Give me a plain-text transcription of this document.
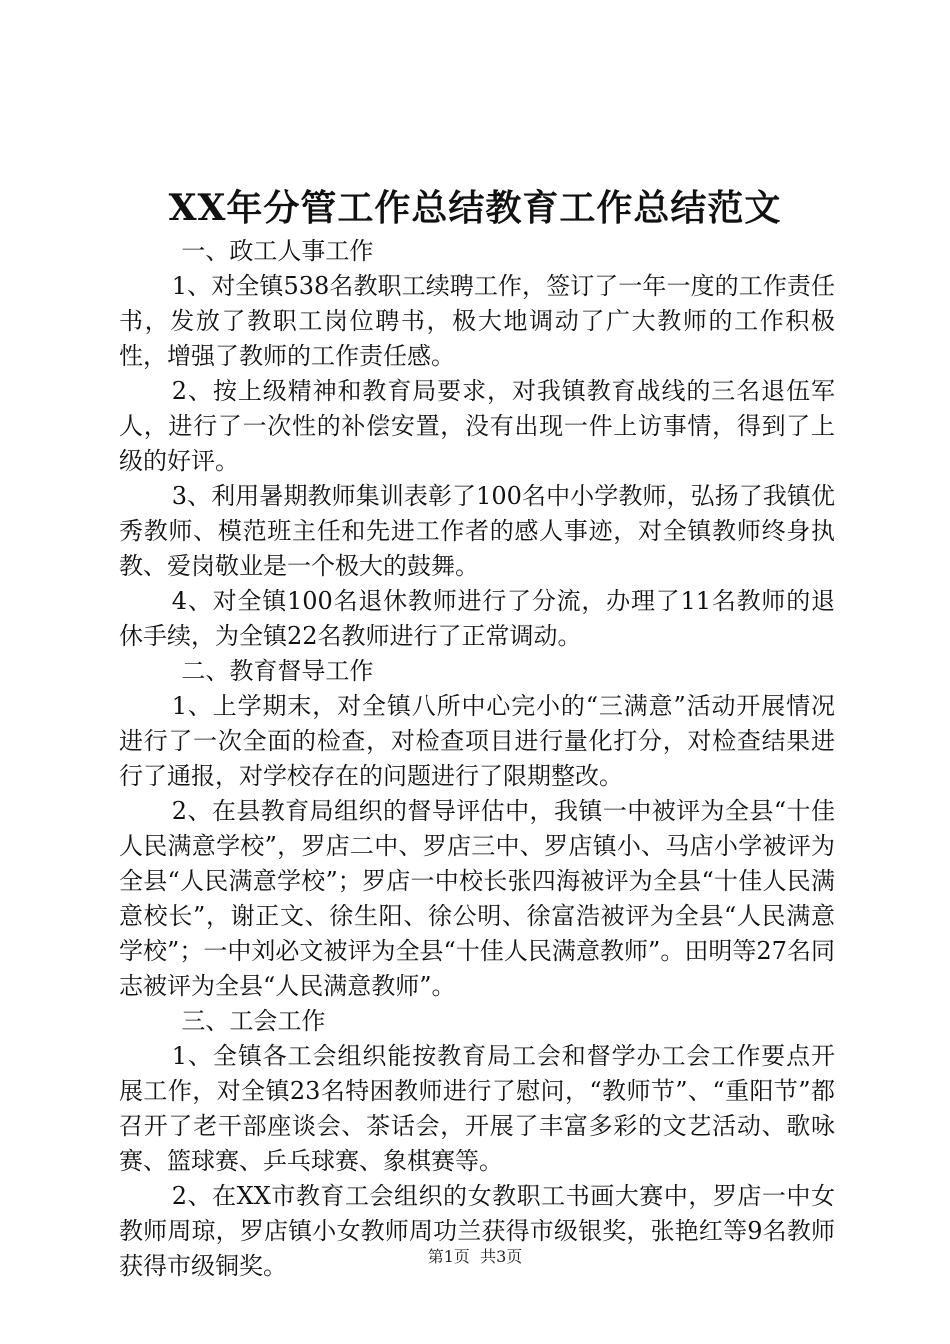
XX年分管工作总结教育工作总结范文

一、政工人事工作

1、对全镇538名教职工续聘工作，签订了一年一度的工作责任书，发放了教职工岗位聘书，极大地调动了广大教师的工作积极性，增强了教师的工作责任感。

2、按上级精神和教育局要求，对我镇教育战线的三名退伍军人，进行了一次性的补偿安置，没有出现一件上访事情，得到了上级的好评。

3、利用暑期教师集训表彰了100名中小学教师，弘扬了我镇优秀教师、模范班主任和先进工作者的感人事迹，对全镇教师终身执教、爱岗敬业是一个极大的鼓舞。

4、对全镇100名退休教师进行了分流，办理了11名教师的退休手续，为全镇22名教师进行了正常调动。

二、教育督导工作

1、上学期末，对全镇八所中心完小的“三满意”活动开展情况进行了一次全面的检查，对检查项目进行量化打分，对检查结果进行了通报，对学校存在的问题进行了限期整改。

2、在县教育局组织的督导评估中，我镇一中被评为全县“十佳人民满意学校”，罗店二中、罗店三中、罗店镇小、马店小学被评为全县“人民满意学校”；罗店一中校长张四海被评为全县“十佳人民满意校长”，谢正文、徐生阳、徐公明、徐富浩被评为全县“人民满意学校”；一中刘必文被评为全县“十佳人民满意教师”。田明等27名同志被评为全县“人民满意教师”。

三、工会工作

1、全镇各工会组织能按教育局工会和督学办工会工作要点开展工作，对全镇23名特困教师进行了慰问，“教师节”、“重阳节”都召开了老干部座谈会、茶话会，开展了丰富多彩的文艺活动、歌咏赛、篮球赛、乒乓球赛、象棋赛等。

2、在XX市教育工会组织的女教职工书画大赛中，罗店一中女教师周琼，罗店镇小女教师周功兰获得市级银奖，张艳红等9名教师获得市级铜奖。	第1页 共3页
